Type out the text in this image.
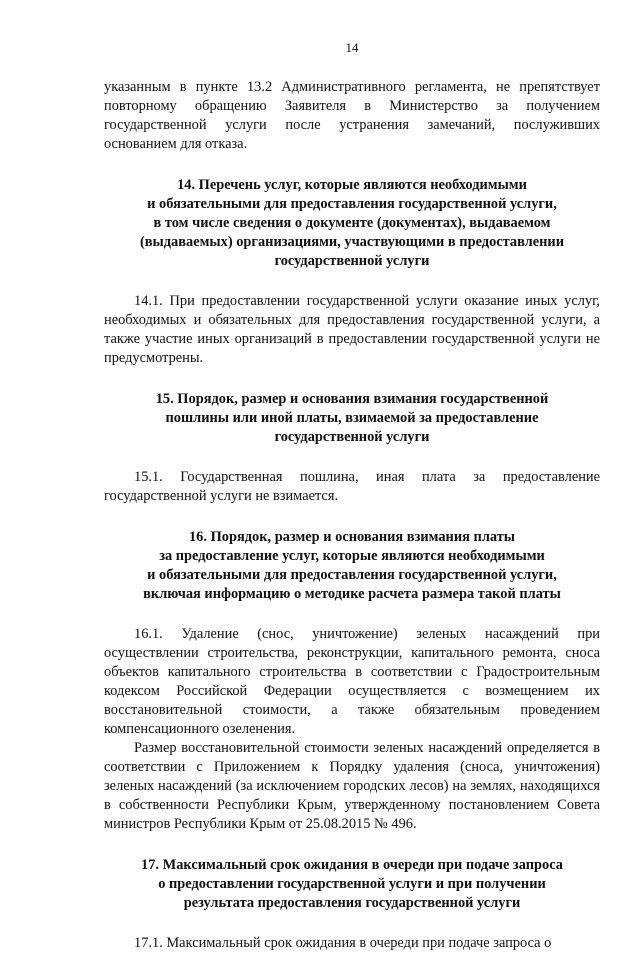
14

указанным в пункте 13.2 Административного регламента, не препятствует повторному обращению Заявителя в Министерство за получением государственной услуги после устранения замечаний, послуживших основанием для отказа.

14. Перечень услуг, которые являются необходимыми
и обязательными для предоставления государственной услуги,
в том числе сведения о документе (документах), выдаваемом
(выдаваемых) организациями, участвующими в предоставлении
государственной услуги

14.1. При предоставлении государственной услуги оказание иных услуг, необходимых и обязательных для предоставления государственной услуги, а также участие иных организаций в предоставлении государственной услуги не предусмотрены.

15. Порядок, размер и основания взимания государственной
пошлины или иной платы, взимаемой за предоставление
государственной услуги

15.1. Государственная пошлина, иная плата за предоставление государственной услуги не взимается.

16. Порядок, размер и основания взимания платы
за предоставление услуг, которые являются необходимыми
и обязательными для предоставления государственной услуги,
включая информацию о методике расчета размера такой платы

16.1. Удаление (снос, уничтожение) зеленых насаждений при осуществлении строительства, реконструкции, капитального ремонта, сноса объектов капитального строительства в соответствии с Градостроительным кодексом Российской Федерации осуществляется с возмещением их восстановительной стоимости, а также обязательным проведением компенсационного озеленения.

Размер восстановительной стоимости зеленых насаждений определяется в соответствии с Приложением к Порядку удаления (сноса, уничтожения) зеленых насаждений (за исключением городских лесов) на землях, находящихся в собственности Республики Крым, утвержденному постановлением Совета министров Республики Крым от 25.08.2015 № 496.

17. Максимальный срок ожидания в очереди при подаче запроса
о предоставлении государственной услуги и при получении
результата предоставления государственной услуги

17.1. Максимальный срок ожидания в очереди при подаче запроса о
